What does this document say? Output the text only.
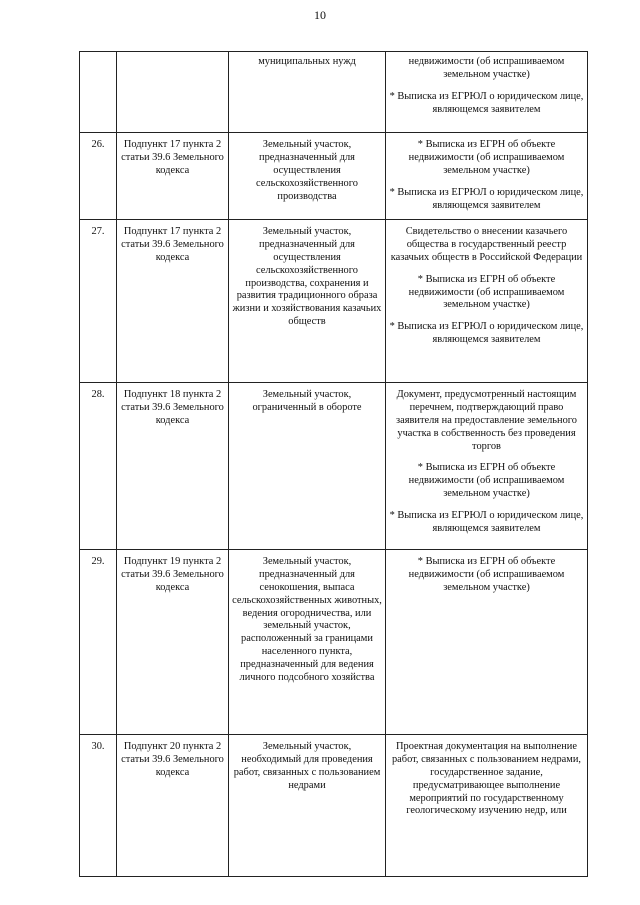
10
		муниципальных нужд	недвижимости (об испрашиваемом земельном участке)
* Выписка из ЕГРЮЛ о юридическом лице, являющемся заявителем

26.	Подпункт 17 пункта 2 статьи 39.6 Земельного кодекса	Земельный участок, предназначенный для осуществления сельскохозяйственного производства	* Выписка из ЕГРН об объекте недвижимости (об испрашиваемом земельном участке)
* Выписка из ЕГРЮЛ о юридическом лице, являющемся заявителем

27.	Подпункт 17 пункта 2 статьи 39.6 Земельного кодекса	Земельный участок, предназначенный для осуществления сельскохозяйственного производства, сохранения и развития традиционного образа жизни и хозяйствования казачьих обществ	Свидетельство о внесении казачьего общества в государственный реестр казачьих обществ в Российской Федерации
* Выписка из ЕГРН об объекте недвижимости (об испрашиваемом земельном участке)
* Выписка из ЕГРЮЛ о юридическом лице, являющемся заявителем

28.	Подпункт 18 пункта 2 статьи 39.6 Земельного кодекса	Земельный участок, ограниченный в обороте	Документ, предусмотренный настоящим перечнем, подтверждающий право заявителя на предоставление земельного участка в собственность без проведения торгов
* Выписка из ЕГРН об объекте недвижимости (об испрашиваемом земельном участке)
* Выписка из ЕГРЮЛ о юридическом лице, являющемся заявителем

29.	Подпункт 19 пункта 2 статьи 39.6 Земельного кодекса	Земельный участок, предназначенный для сенокошения, выпаса сельскохозяйственных животных, ведения огородничества, или земельный участок, расположенный за границами населенного пункта, предназначенный для ведения личного подсобного хозяйства	* Выписка из ЕГРН об объекте недвижимости (об испрашиваемом земельном участке)

30.	Подпункт 20 пункта 2 статьи 39.6 Земельного кодекса	Земельный участок, необходимый для проведения работ, связанных с пользованием недрами	Проектная документация на выполнение работ, связанных с пользованием недрами, государственное задание, предусматривающее выполнение мероприятий по государственному геологическому изучению недр, или
